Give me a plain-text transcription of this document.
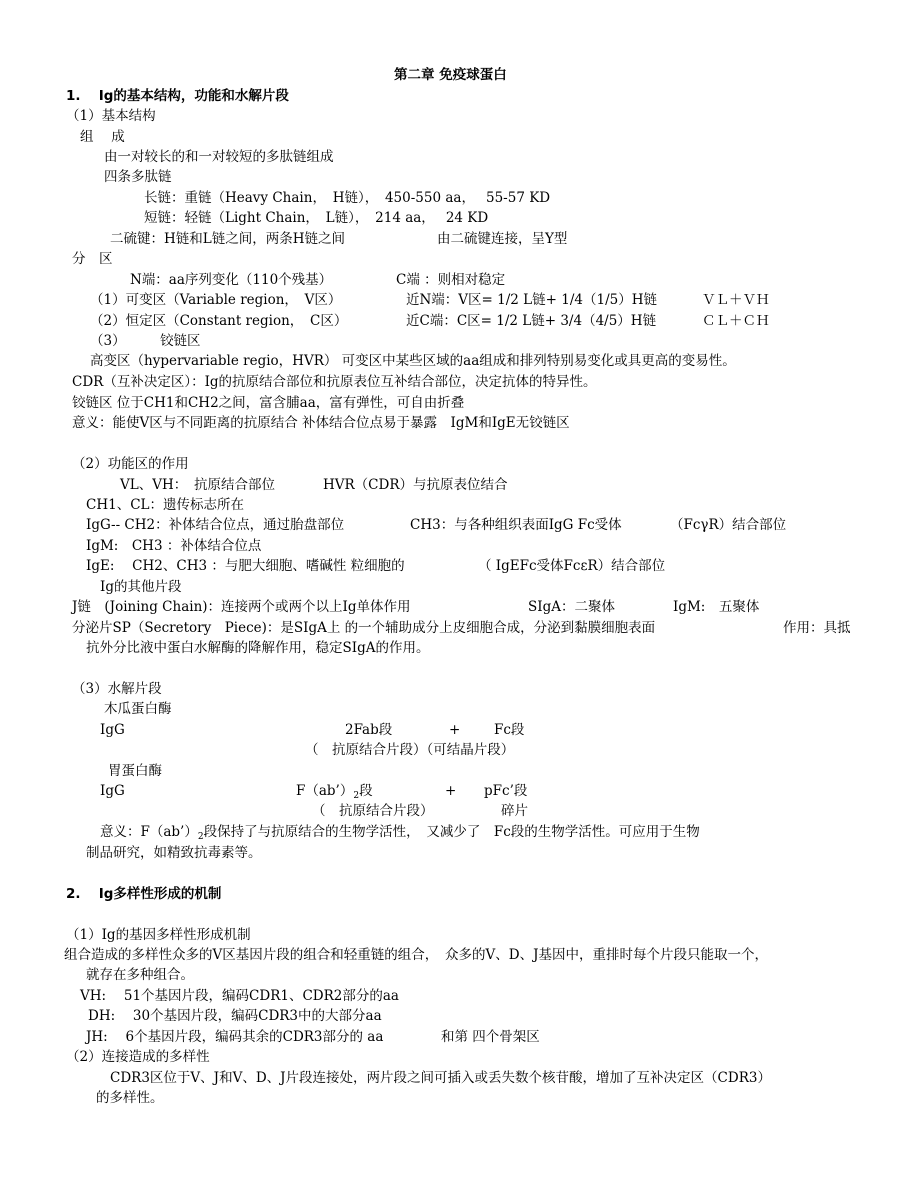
第二章 免疫球蛋白
1.　 Ig的基本结构，功能和水解片段
（1）基本结构
组　 成
由一对较长的和一对较短的多肽链组成
四条多肽链
长链：重链（Heavy Chain，　H链），　450-550 aa，　 55-57 KD
短链：轻链（Light Chain，　L链），　214 aa，　 24 KD
二硫键：H链和L链之间，两条H链之间	由二硫键连接，呈Y型
分　区
N端：aa序列变化（110个残基）	C端 ：则相对稳定
（1）可变区（Variable region，　V区）	近N端：V区= 1/2 L链+ 1/4（1/5）H链	ＶＬ＋ＶＨ
（2）恒定区（Constant region，　C区）	近C端：C区= 1/2 L链+ 3/4（4/5）H链	ＣＬ＋ＣＨ
（3）	铰链区
高变区（hypervariable regio，HVR） 可变区中某些区域的aa组成和排列特别易变化或具更高的变易性。
CDR（互补决定区）：Ig的抗原结合部位和抗原表位互补结合部位，决定抗体的特异性。
铰链区 位于CH1和CH2之间，富含脯aa，富有弹性，可自由折叠
意义：能使V区与不同距离的抗原结合 补体结合位点易于暴露　IgM和IgE无铰链区
（2）功能区的作用
VL、VH：　抗原结合部位	HVR（CDR）与抗原表位结合
CH1、CL：遗传标志所在
IgG-- CH2：补体结合位点，通过胎盘部位	CH3：与各种组织表面IgG Fc受体	（FcγR）结合部位
IgM:　CH3 ：补体结合位点
IgE:　 CH2、CH3 ：与肥大细胞、嗜碱性 粒细胞的	（ IgEFc受体FcεR）结合部位
Ig的其他片段
J链　(Joining Chain)：连接两个或两个以上Ig单体作用	SIgA：二聚体	IgM:　五聚体
分泌片SP（Secretory　Piece)：是SIgA上 的一个辅助成分上皮细胞合成，分泌到黏膜细胞表面	作用：具抵
抗外分比液中蛋白水解酶的降解作用，稳定SIgA的作用。
（3）水解片段
木瓜蛋白酶
IgG	2Fab段	+ Fc段
（　抗原结合片段）（可结晶片段）
胃蛋白酶
IgG	$F(ab’)_2$段	+ pFc’段
（　抗原结合片段）	碎片
意义：$F(ab’)_2$段保持了与抗原结合的生物学活性，　又减少了　Fc段的生物学活性。可应用于生物
制品研究，如精致抗毒素等。
2.　 Ig多样性形成的机制
（1）Ig的基因多样性形成机制
组合造成的多样性众多的V区基因片段的组合和轻重链的组合，　众多的V、D、J基因中，重排时每个片段只能取一个，
就存在多种组合。
VH:　 51个基因片段，编码CDR1、CDR2部分的aa
DH:　 30个基因片段，编码CDR3中的大部分aa
JH:　 6个基因片段，编码其余的CDR3部分的 aa	和第 四个骨架区
（2）连接造成的多样性
CDR3区位于V、J和V、D、J片段连接处，两片段之间可插入或丢失数个核苷酸，增加了互补决定区（CDR3）
的多样性。
